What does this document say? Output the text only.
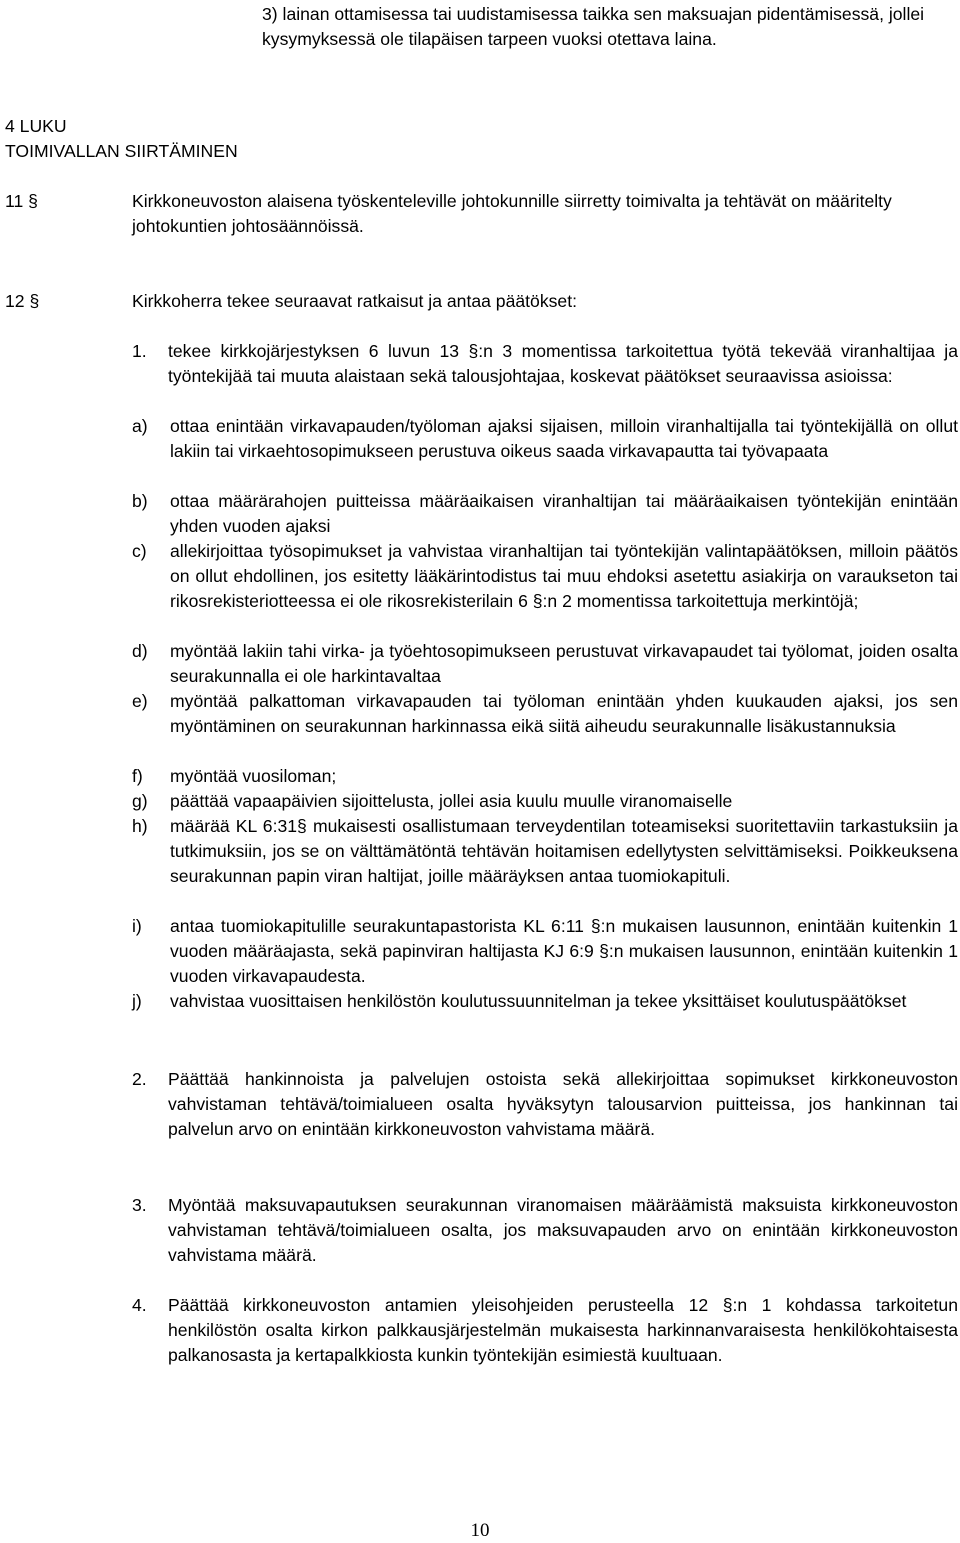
3) lainan ottamisessa tai uudistamisessa taikka sen maksuajan pidentämisessä, jollei kysymyksessä ole tilapäisen tarpeen vuoksi otettava laina.
4 LUKU
TOIMIVALLAN SIIRTÄMINEN
11 §	Kirkkoneuvoston alaisena työskenteleville johtokunnille siirretty toimivalta ja tehtävät on määritelty johtokuntien johtosäännöissä.
12 §	Kirkkoherra tekee seuraavat ratkaisut ja antaa päätökset:
1. tekee kirkkojärjestyksen 6 luvun 13 §:n 3 momentissa tarkoitettua työtä tekevää viranhaltijaa ja työntekijää tai muuta alaistaan sekä talousjohtajaa, koskevat päätökset seuraavissa asioissa:
a) ottaa enintään virkavapauden/työloman ajaksi sijaisen, milloin viranhaltijalla tai työntekijällä on ollut lakiin tai virkaehtosopimukseen perustuva oikeus saada virkavapautta tai työvapaata
b) ottaa määrärahojen puitteissa määräaikaisen viranhaltijan tai määräaikaisen työntekijän enintään yhden vuoden ajaksi
c) allekirjoittaa työsopimukset ja vahvistaa viranhaltijan tai työntekijän valintapäätöksen, milloin päätös on ollut ehdollinen, jos esitetty lääkärintodistus tai muu ehdoksi asetettu asiakirja on varaukseton tai rikosrekisteriotteessa ei ole rikosrekisterilain 6 §:n 2 momentissa tarkoitettuja merkintöjä;
d) myöntää lakiin tahi virka- ja työehtosopimukseen perustuvat virkavapaudet tai työlomat, joiden osalta seurakunnalla ei ole harkintavaltaa
e) myöntää palkattoman virkavapauden tai työloman enintään yhden kuukauden ajaksi, jos sen myöntäminen on seurakunnan harkinnassa eikä siitä aiheudu seurakunnalle lisäkustannuksia
f) myöntää vuosiloman;
g) päättää vapaapäivien sijoittelusta, jollei asia kuulu muulle viranomaiselle
h) määrää KL 6:31§ mukaisesti osallistumaan terveydentilan toteamiseksi suoritettaviin tarkastuksiin ja tutkimuksiin, jos se on välttämätöntä tehtävän hoitamisen edellytysten selvittämiseksi. Poikkeuksena seurakunnan papin viran haltijat, joille määräyksen antaa tuomiokapituli.
i) antaa tuomiokapitulille seurakuntapastorista KL 6:11 §:n mukaisen lausunnon, enintään kuitenkin 1 vuoden määräajasta, sekä papinviran haltijasta KJ 6:9 §:n mukaisen lausunnon, enintään kuitenkin 1 vuoden virkavapaudesta.
j) vahvistaa vuosittaisen henkilöstön koulutussuunnitelman ja tekee yksittäiset koulutuspäätökset
2. Päättää hankinnoista ja palvelujen ostoista sekä allekirjoittaa sopimukset kirkkoneuvoston vahvistaman tehtävä/toimialueen osalta hyväksytyn talousarvion puitteissa, jos hankinnan tai palvelun arvo on enintään kirkkoneuvoston vahvistama määrä.
3. Myöntää maksuvapautuksen seurakunnan viranomaisen määräämistä maksuista kirkkoneuvoston vahvistaman tehtävä/toimialueen osalta, jos maksuvapauden arvo on enintään kirkkoneuvoston vahvistama määrä.
4. Päättää kirkkoneuvoston antamien yleisohjeiden perusteella 12 §:n 1 kohdassa tarkoitetun henkilöstön osalta kirkon palkkausjärjestelmän mukaisesta harkinnanvaraisesta henkilökohtaisesta palkanosasta ja kertapalkkiosta kunkin työntekijän esimiestä kuultuaan.
10
